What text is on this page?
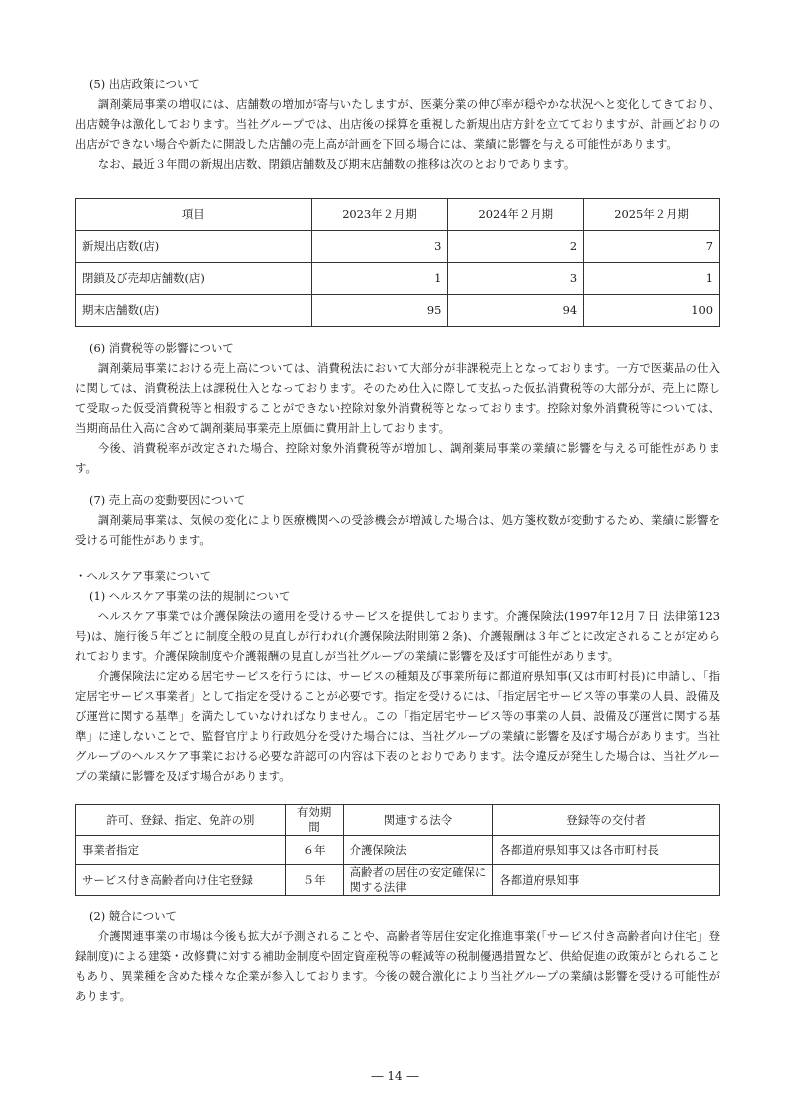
(5) 出店政策について

調剤薬局事業の増収には、店舗数の増加が寄与いたしますが、医薬分業の伸び率が穏やかな状況へと変化してきており、出店競争は激化しております。当社グループでは、出店後の採算を重視した新規出店方針を立てておりますが、計画どおりの出店ができない場合や新たに開設した店舗の売上高が計画を下回る場合には、業績に影響を与える可能性があります。

なお、最近３年間の新規出店数、閉鎖店舗数及び期末店舗数の推移は次のとおりであります。

項目	2023年２月期	2024年２月期	2025年２月期
新規出店数(店)	3	2	7
閉鎖及び売却店舗数(店)	1	3	1
期末店舗数(店)	95	94	100
(6) 消費税等の影響について

調剤薬局事業における売上高については、消費税法において大部分が非課税売上となっております。一方で医薬品の仕入に関しては、消費税法上は課税仕入となっております。そのため仕入に際して支払った仮払消費税等の大部分が、売上に際して受取った仮受消費税等と相殺することができない控除対象外消費税等となっております。控除対象外消費税等については、当期商品仕入高に含めて調剤薬局事業売上原価に費用計上しております。

今後、消費税率が改定された場合、控除対象外消費税等が増加し、調剤薬局事業の業績に影響を与える可能性があります。

(7) 売上高の変動要因について

調剤薬局事業は、気候の変化により医療機関への受診機会が増減した場合は、処方箋枚数が変動するため、業績に影響を受ける可能性があります。

・ヘルスケア事業について
(1) ヘルスケア事業の法的規制について

ヘルスケア事業では介護保険法の適用を受けるサービスを提供しております。介護保険法(1997年12月７日 法律第123号)は、施行後５年ごとに制度全般の見直しが行われ(介護保険法附則第２条)、介護報酬は３年ごとに改定されることが定められております。介護保険制度や介護報酬の見直しが当社グループの業績に影響を及ぼす可能性があります。

介護保険法に定める居宅サービスを行うには、サービスの種類及び事業所毎に都道府県知事(又は市町村長)に申請し、「指定居宅サービス事業者」として指定を受けることが必要です。指定を受けるには、「指定居宅サービス等の事業の人員、設備及び運営に関する基準」を満たしていなければなりません。この「指定居宅サービス等の事業の人員、設備及び運営に関する基準」に達しないことで、監督官庁より行政処分を受けた場合には、当社グループの業績に影響を及ぼす場合があります。当社グループのヘルスケア事業における必要な許認可の内容は下表のとおりであります。法令違反が発生した場合は、当社グループの業績に影響を及ぼす場合があります。

許可、登録、指定、免許の別	有効期間	関連する法令	登録等の交付者
事業者指定	６年	介護保険法	各都道府県知事又は各市町村長
サービス付き高齢者向け住宅登録	５年	高齢者の居住の安定確保に関する法律	各都道府県知事
(2) 競合について

介護関連事業の市場は今後も拡大が予測されることや、高齢者等居住安定化推進事業(「サービス付き高齢者向け住宅」登録制度)による建築・改修費に対する補助金制度や固定資産税等の軽減等の税制優遇措置など、供給促進の政策がとられることもあり、異業種を含めた様々な企業が参入しております。今後の競合激化により当社グループの業績は影響を受ける可能性があります。

― 14 ―
